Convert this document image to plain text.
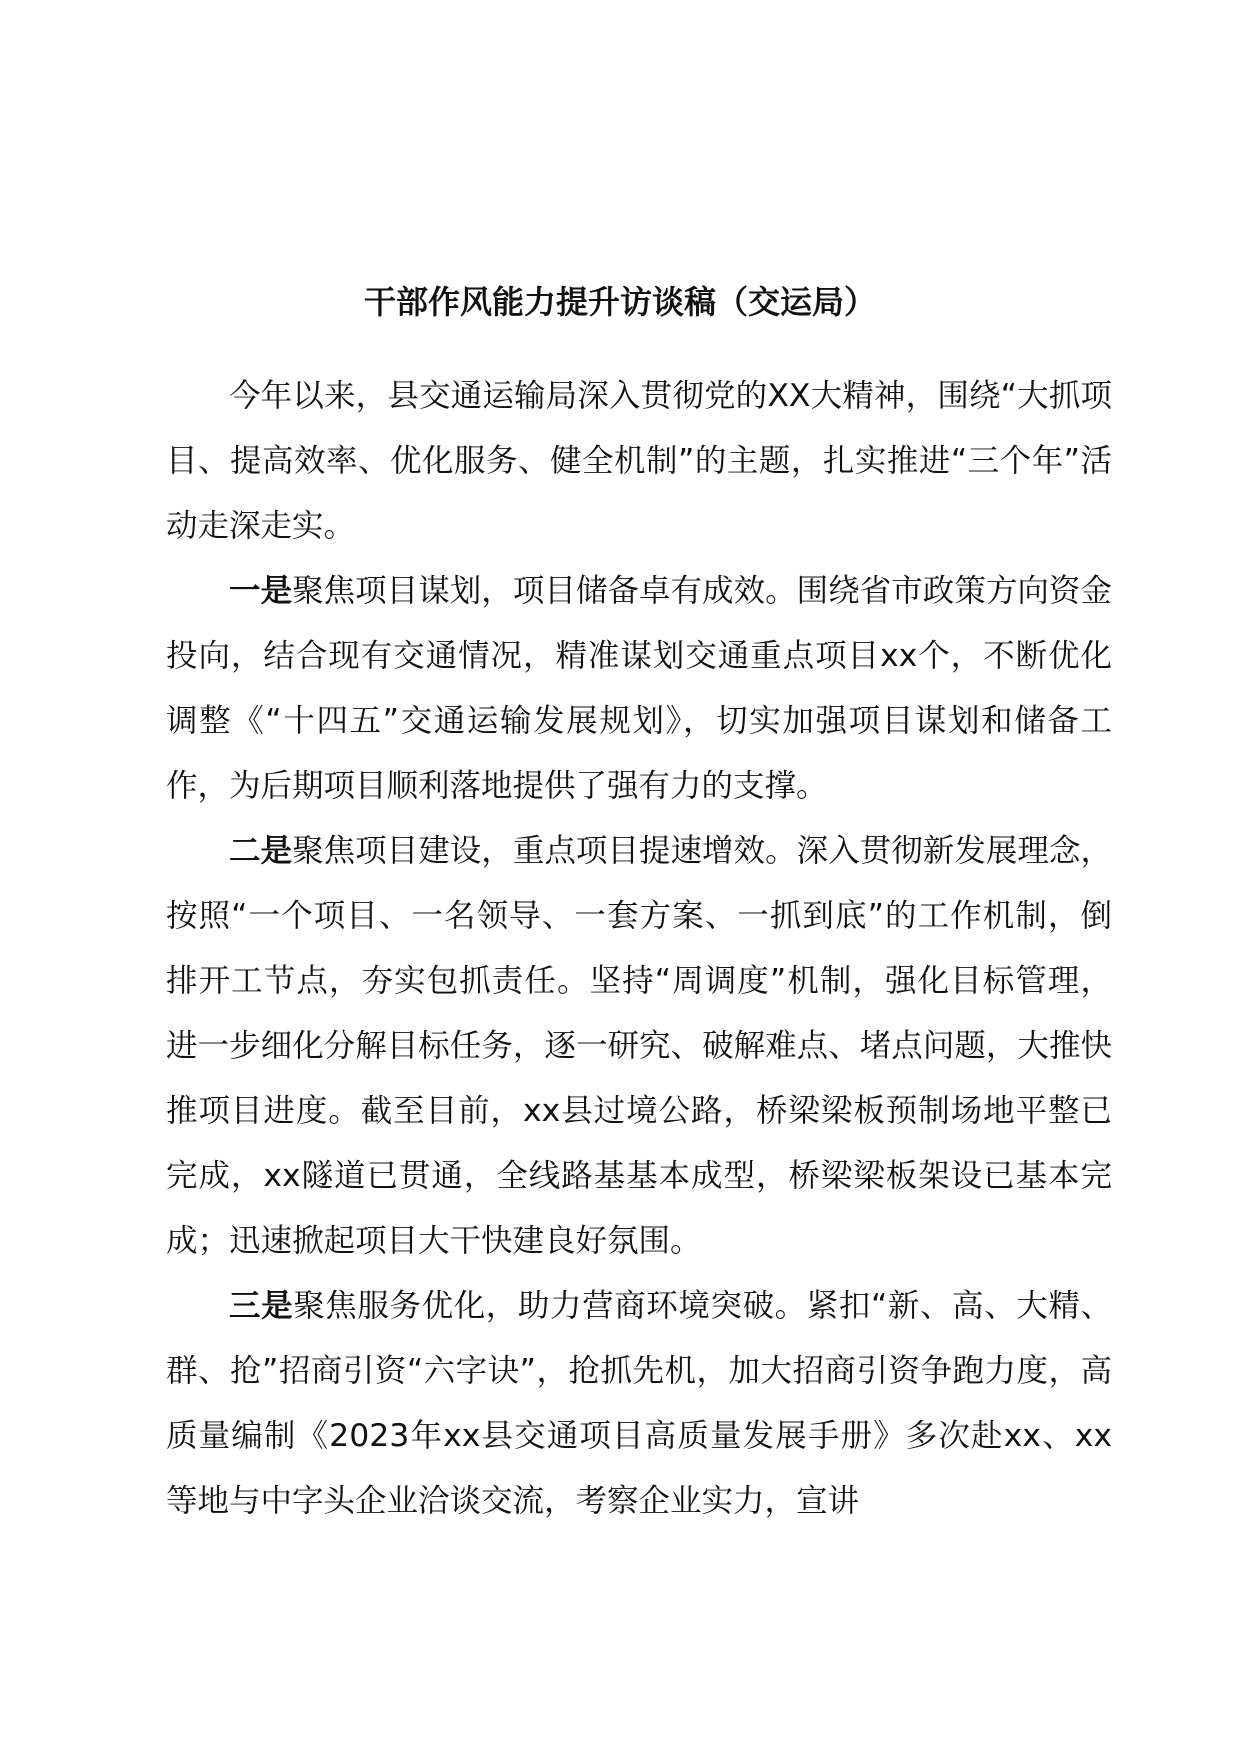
干部作风能力提升访谈稿（交运局）

今年以来，县交通运输局深入贯彻党的XX大精神，围绕“大抓项目、提高效率、优化服务、健全机制”的主题，扎实推进“三个年”活动走深走实。

一是聚焦项目谋划，项目储备卓有成效。围绕省市政策方向资金投向，结合现有交通情况，精准谋划交通重点项目xx个，不断优化调整《“十四五”交通运输发展规划》，切实加强项目谋划和储备工作，为后期项目顺利落地提供了强有力的支撑。

二是聚焦项目建设，重点项目提速增效。深入贯彻新发展理念，按照“一个项目、一名领导、一套方案、一抓到底”的工作机制，倒排开工节点，夯实包抓责任。坚持“周调度”机制，强化目标管理，进一步细化分解目标任务，逐一研究、破解难点、堵点问题，大推快推项目进度。截至目前，xx县过境公路，桥梁梁板预制场地平整已完成，xx隧道已贯通，全线路基基本成型，桥梁梁板架设已基本完成；迅速掀起项目大干快建良好氛围。

三是聚焦服务优化，助力营商环境突破。紧扣“新、高、大精、群、抢”招商引资“六字诀”，抢抓先机，加大招商引资争跑力度，高质量编制《2023年xx县交通项目高质量发展手册》多次赴xx、xx等地与中字头企业洽谈交流，考察企业实力，宣讲
